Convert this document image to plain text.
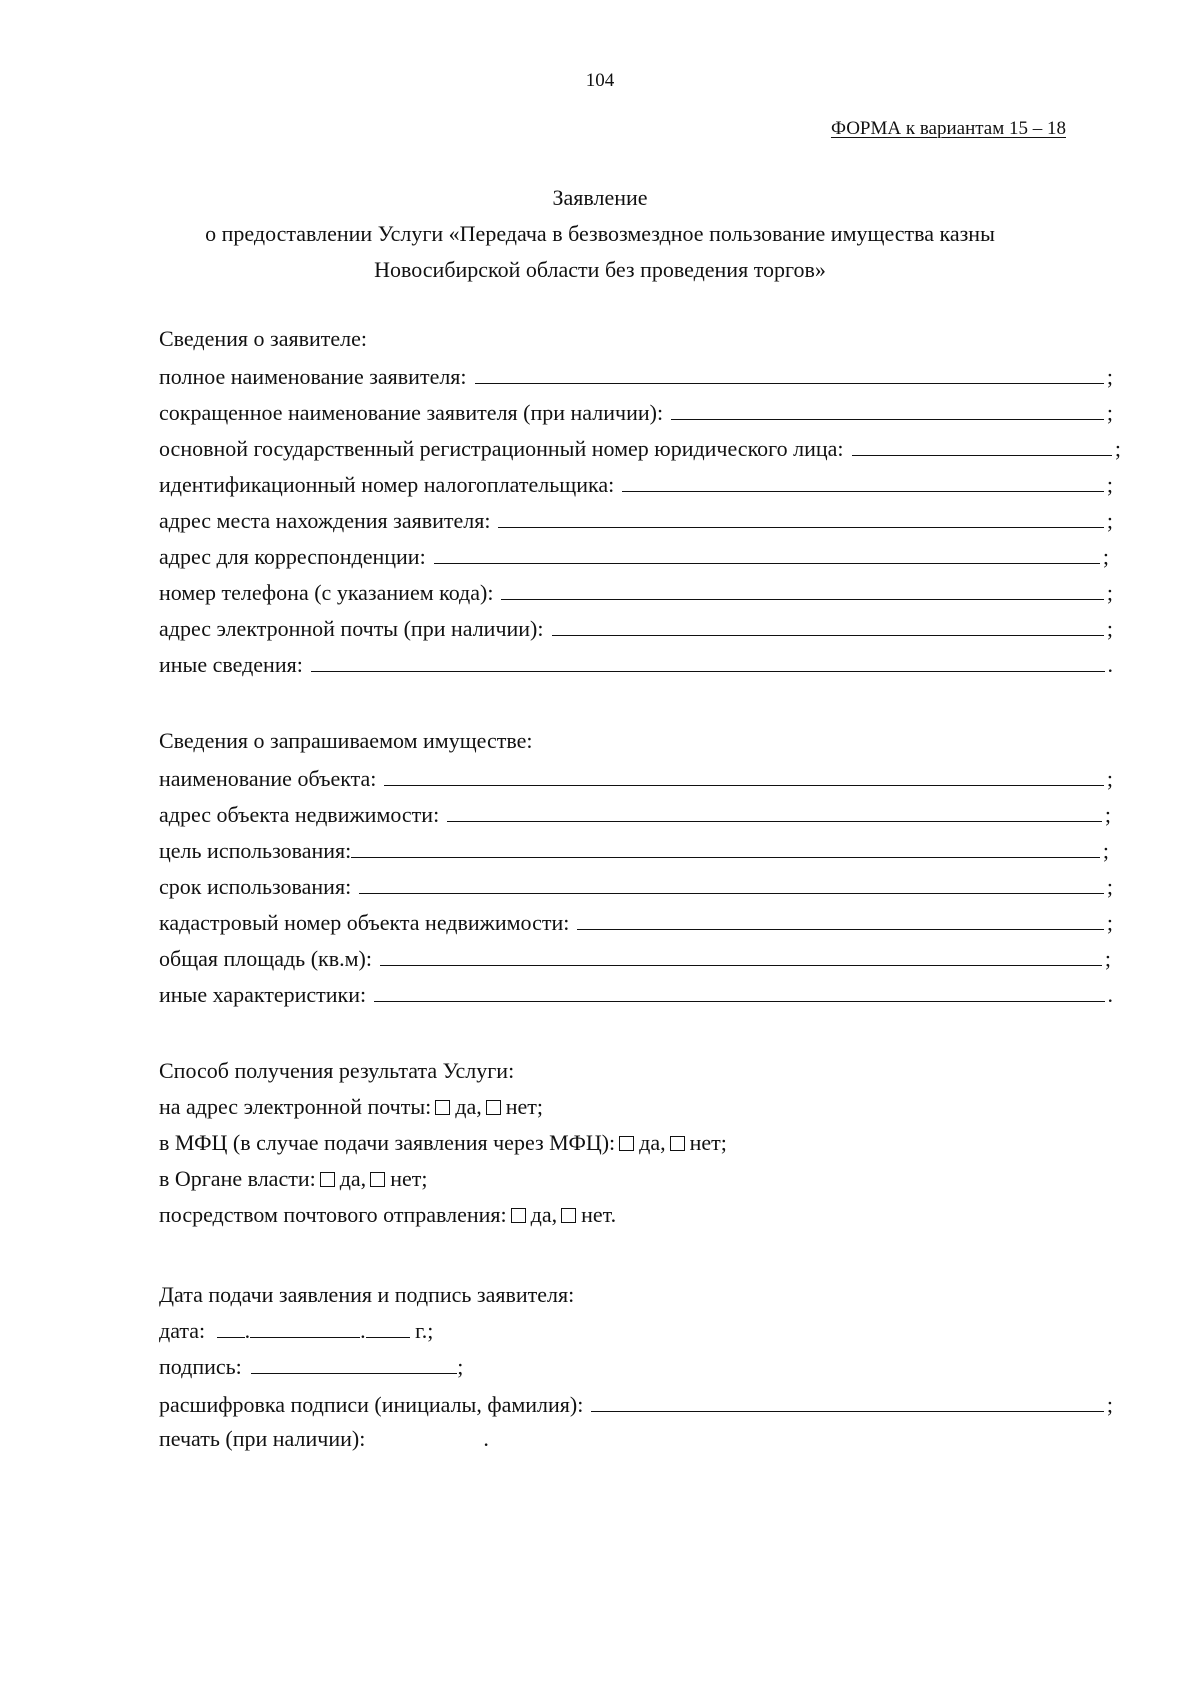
104
ФОРМА к вариантам 15 – 18
Заявление
о предоставлении Услуги «Передача в безвозмездное пользование имущества казны
Новосибирской области без проведения торгов»
Сведения о заявителе:
полное наименование заявителя:	;
сокращенное наименование заявителя (при наличии):	;
основной государственный регистрационный номер юридического лица:	;
идентификационный номер налогоплательщика:	;
адрес места нахождения заявителя:	;
адрес для корреспонденции:	;
номер телефона (с указанием кода):	;
адрес электронной почты (при наличии):	;
иные сведения:	.
Сведения о запрашиваемом имуществе:
наименование объекта:	;
адрес объекта недвижимости:	;
цель использования:	;
срок использования:	;
кадастровый номер объекта недвижимости:	;
общая площадь (кв.м):	;
иные характеристики:	.
Способ получения результата Услуги:
на адрес электронной почты: да, нет;
в МФЦ (в случае подачи заявления через МФЦ): да, нет;
в Органе власти: да, нет;
посредством почтового отправления: да, нет.
Дата подачи заявления и подпись заявителя:
дата: .	. г.;
подпись:	;
расшифровка подписи (инициалы, фамилия):	;
печать (при наличии):	.
